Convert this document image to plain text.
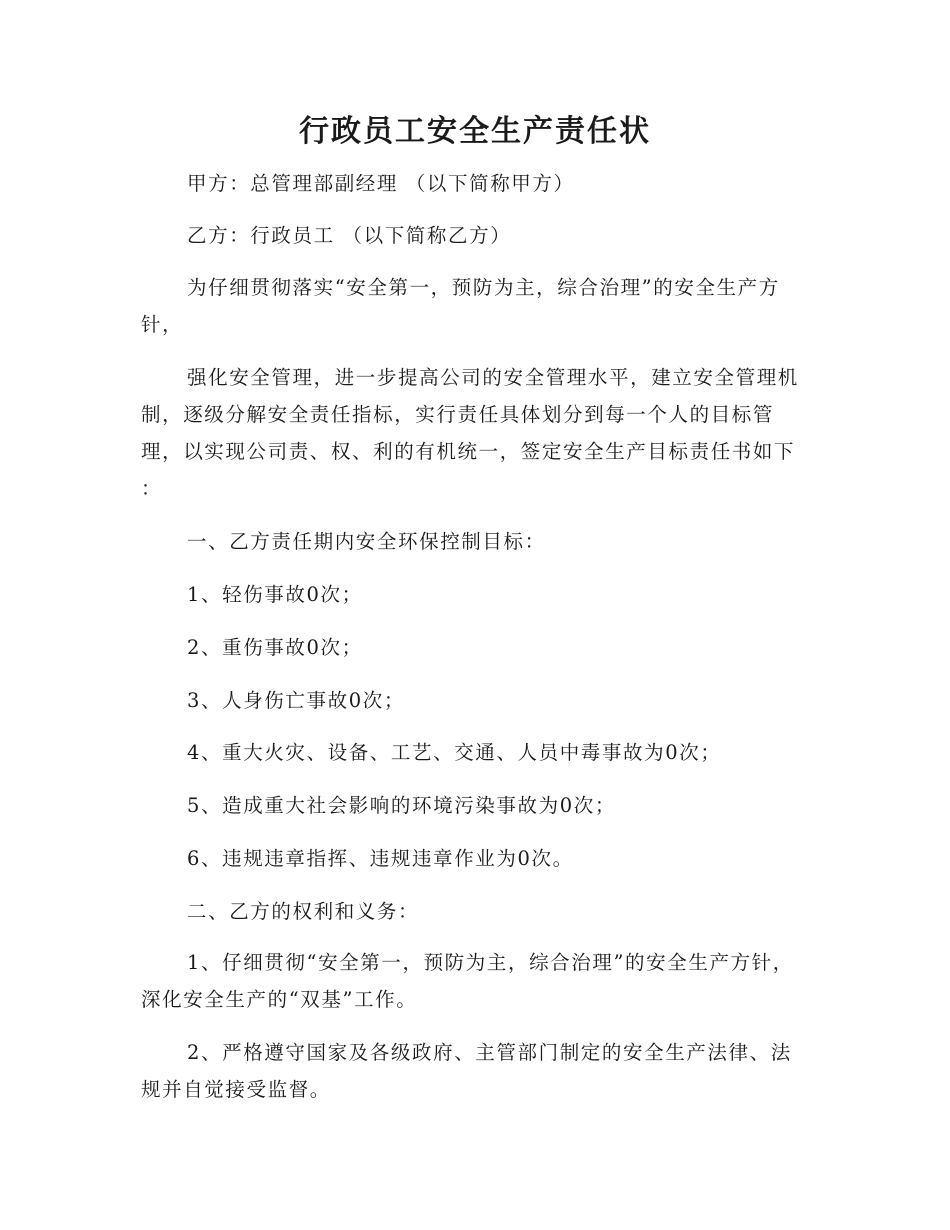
行政员工安全生产责任状
甲方：总管理部副经理 （以下简称甲方）
乙方：行政员工 （以下简称乙方）

为仔细贯彻落实“安全第一，预防为主，综合治理”的安全生产方针，

强化安全管理，进一步提高公司的安全管理水平，建立安全管理机制，逐级分解安全责任指标，实行责任具体划分到每一个人的目标管理，以实现公司责、权、利的有机统一，签定安全生产目标责任书如下 ：

一、乙方责任期内安全环保控制目标：
1、轻伤事故0次；
2、重伤事故0次；
3、人身伤亡事故0次；
4、重大火灾、设备、工艺、交通、人员中毒事故为0次；
5、造成重大社会影响的环境污染事故为0次；
6、违规违章指挥、违规违章作业为0次。
二、乙方的权利和义务：

1、仔细贯彻“安全第一，预防为主，综合治理”的安全生产方针，深化安全生产的“双基”工作。

2、严格遵守国家及各级政府、主管部门制定的安全生产法律、法规并自觉接受监督。
